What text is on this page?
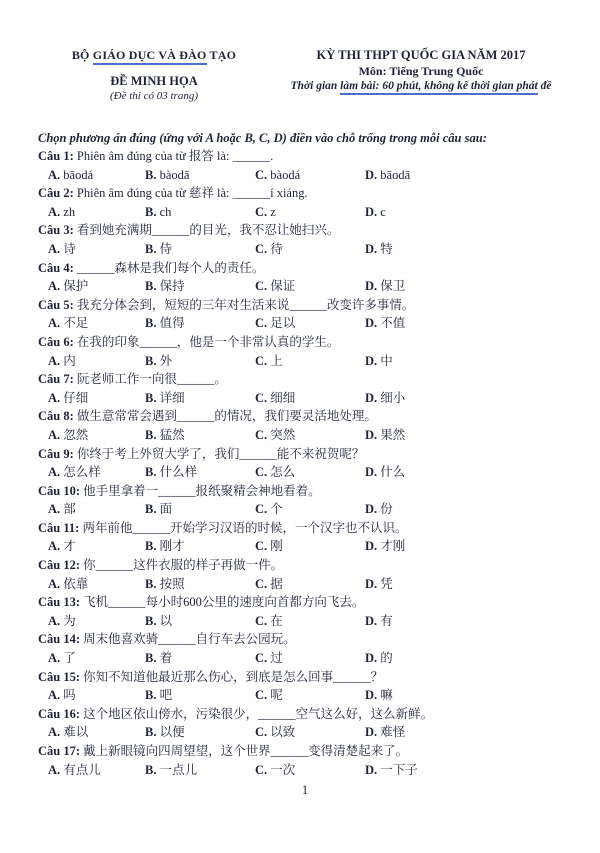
BỘ GIÁO DỤC VÀ ĐÀO TẠO
ĐỀ MINH HỌA
(Đề thi có 03 trang)
KỲ THI THPT QUỐC GIA NĂM 2017
Môn: Tiếng Trung Quốc
Thời gian làm bài: 60 phút, không kể thời gian phát đề
Chọn phương án đúng (ứng với A hoặc B, C, D) điền vào chỗ trống trong mỗi câu sau:
Câu 1: Phiên âm đúng của từ 报答 là: ______.
A. bāodá	B. bàodā	C. bàodá	D. bāodā
Câu 2: Phiên âm đúng của từ 慈祥 là: ______í xiáng.
A. zh	B. ch	C. z	D. c
Câu 3: 看到她充满期______的目光，我不忍让她扫兴。
A. 诗	B. 侍	C. 待	D. 特
Câu 4: ______森林是我们每个人的责任。
A. 保护	B. 保持	C. 保证	D. 保卫
Câu 5: 我充分体会到，短短的三年对生活来说______改变许多事情。
A. 不足	B. 值得	C. 足以	D. 不值
Câu 6: 在我的印象______，他是一个非常认真的学生。
A. 内	B. 外	C. 上	D. 中
Câu 7: 阮老师工作一向很______。
A. 仔细	B. 详细	C. 细细	D. 细小
Câu 8: 做生意常常会遇到______的情况，我们要灵活地处理。
A. 忽然	B. 猛然	C. 突然	D. 果然
Câu 9: 你终于考上外贸大学了，我们______能不来祝贺呢？
A. 怎么样	B. 什么样	C. 怎么	D. 什么
Câu 10: 他手里拿着一______报纸聚精会神地看着。
A. 部	B. 面	C. 个	D. 份
Câu 11: 两年前他______开始学习汉语的时候，一个汉字也不认识。
A. 才	B. 刚才	C. 刚	D. 才刚
Câu 12: 你______这件衣服的样子再做一件。
A. 依靠	B. 按照	C. 据	D. 凭
Câu 13: 飞机______每小时600公里的速度向首都方向飞去。
A. 为	B. 以	C. 在	D. 有
Câu 14: 周末他喜欢骑______自行车去公园玩。
A. 了	B. 着	C. 过	D. 的
Câu 15: 你知不知道他最近那么伤心，到底是怎么回事______？
A. 吗	B. 吧	C. 呢	D. 嘛
Câu 16: 这个地区依山傍水，污染很少，______空气这么好，这么新鲜。
A. 难以	B. 以便	C. 以致	D. 难怪
Câu 17: 戴上新眼镜向四周望望，这个世界______变得清楚起来了。
A. 有点儿	B. 一点儿	C. 一次	D. 一下子
1
